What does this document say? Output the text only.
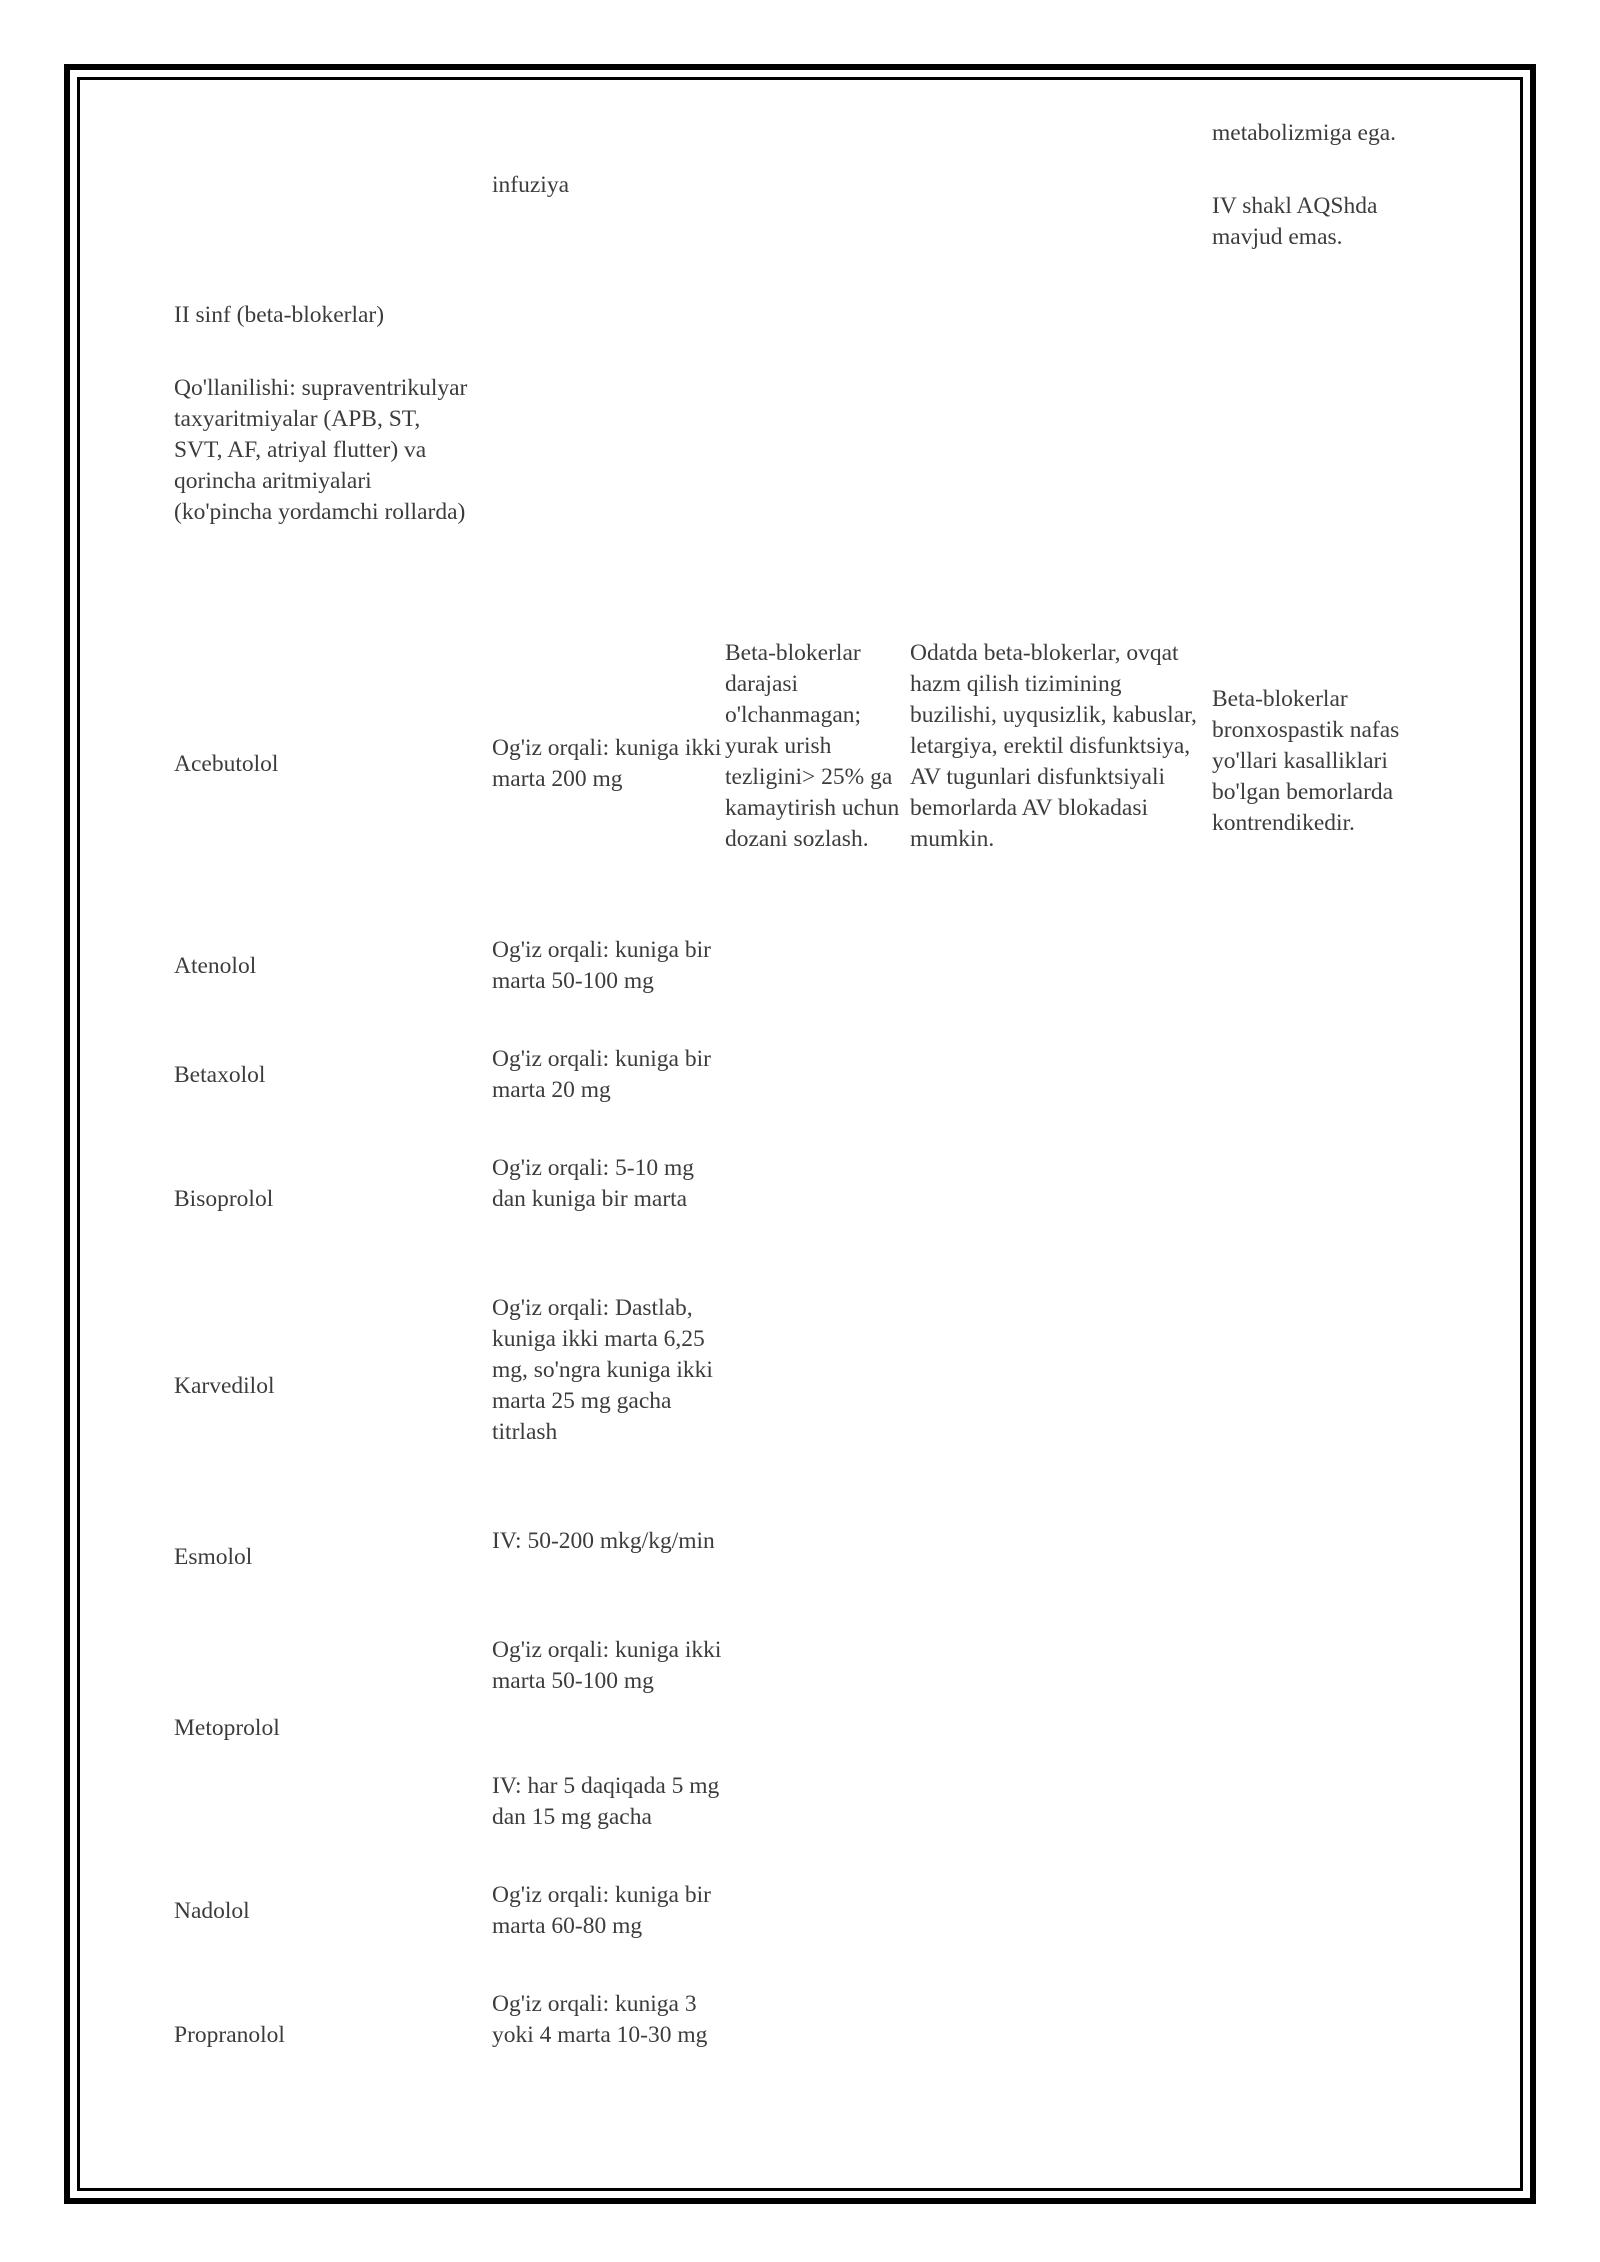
infuziya

metabolizmiga ega.

IV shakl AQShda mavjud emas.

II sinf (beta-blokerlar)

Qo'llanilishi: supraventrikulyar taxyaritmiyalar (APB, ST, SVT, AF, atriyal flutter) va qorincha aritmiyalari (ko'pincha yordamchi rollarda)

Acebutolol
Og'iz orqali: kuniga ikki marta 200 mg

Beta-blokerlar darajasi o'lchanmagan; yurak urish tezligini> 25% ga kamaytirish uchun dozani sozlash.

Odatda beta-blokerlar, ovqat hazm qilish tizimining buzilishi, uyqusizlik, kabuslar, letargiya, erektil disfunktsiya, AV tugunlari disfunktsiyali bemorlarda AV blokadasi mumkin.

Beta-blokerlar bronxospastik nafas yo'llari kasalliklari bo'lgan bemorlarda kontrendikedir.

Atenolol

Og'iz orqali: kuniga bir marta 50-100 mg

Betaxolol

Og'iz orqali: kuniga bir marta 20 mg

Bisoprolol

Og'iz orqali: 5-10 mg dan kuniga bir marta

Karvedilol

Og'iz orqali: Dastlab, kuniga ikki marta 6,25 mg, so'ngra kuniga ikki marta 25 mg gacha titrlash

Esmolol

IV: 50-200 mkg/kg/min

Metoprolol

Og'iz orqali: kuniga ikki marta 50-100 mg

IV: har 5 daqiqada 5 mg dan 15 mg gacha

Nadolol

Og'iz orqali: kuniga bir marta 60-80 mg

Propranolol

Og'iz orqali: kuniga 3 yoki 4 marta 10-30 mg
